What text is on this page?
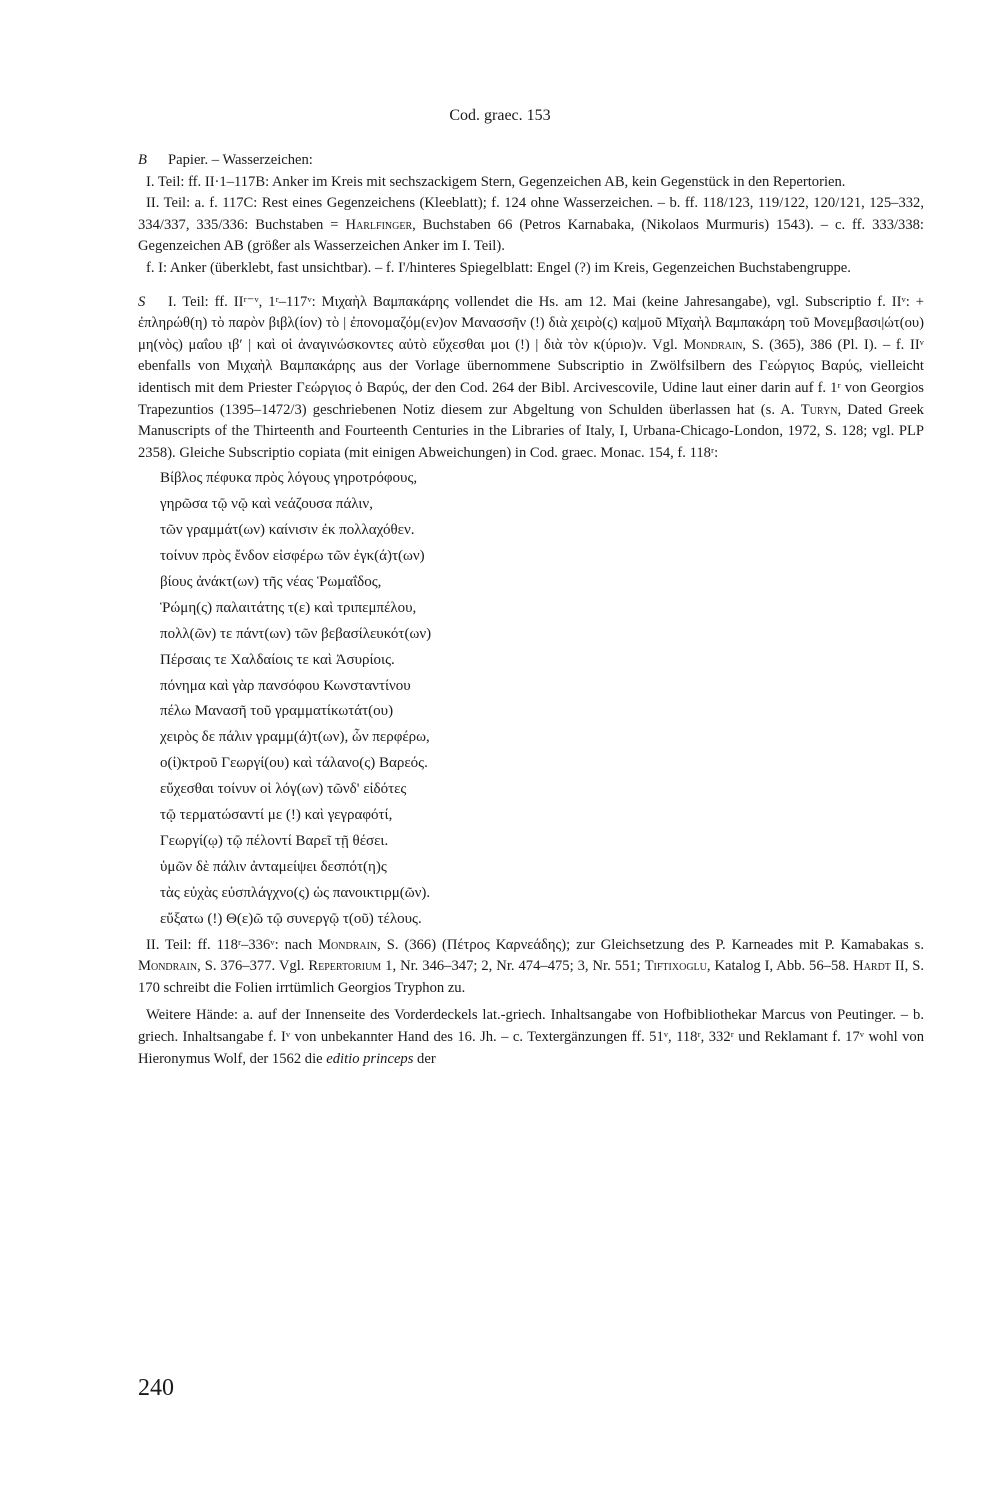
Cod. graec. 153

B Papier. – Wasserzeichen:

I. Teil: ff. II·1–117B: Anker im Kreis mit sechszackigem Stern, Gegenzeichen AB, kein Gegenstück in den Repertorien.

II. Teil: a. f. 117C: Rest eines Gegenzeichens (Kleeblatt); f. 124 ohne Wasserzeichen. – b. ff. 118/123, 119/122, 120/121, 125–332, 334/337, 335/336: Buchstaben = Harlfinger, Buchstaben 66 (Petros Karnabaka, (Nikolaos Murmuris) 1543). – c. ff. 333/338: Gegenzeichen AB (größer als Wasserzeichen Anker im I. Teil).

f. I: Anker (überklebt, fast unsichtbar). – f. I'/hinteres Spiegelblatt: Engel (?) im Kreis, Gegenzeichen Buchstabengruppe.

S I. Teil: ff. IIʳ⁻ᵛ, 1ʳ–117ᵛ: Μιχαὴλ Βαμπακάρης vollendet die Hs. am 12. Mai (keine Jahresangabe), vgl. Subscriptio f. IIᵛ: + ἐπληρώθ(η) τὸ παρὸν βιβλ(ίον) τὸ | ἐπονομαζόμ(εν)ον Μανασσῆν (!) διὰ χειρὸ(ς) κα|μοῦ Μῖχαὴλ Βαμπακάρη τοῦ Μονεμβασι|ώτ(ου) μη(νὸς) μαΐου ιβʹ | καὶ οἱ ἀναγινώσκοντες αὐτὸ εὔχεσθαι μοι (!) | διὰ τὸν κ(ύριο)ν. Vgl. Mondrain, S. (365), 386 (Pl. I). – f. IIᵛ ebenfalls von Μιχαὴλ Βαμπακάρης aus der Vorlage übernommene Subscriptio in Zwölfsilbern des Γεώργιος Βαρύς, vielleicht identisch mit dem Priester Γεώργιος ὁ Βαρύς, der den Cod. 264 der Bibl. Arcivescovile, Udine laut einer darin auf f. 1ʳ von Georgios Trapezuntios (1395–1472/3) geschriebenen Notiz diesem zur Abgeltung von Schulden überlassen hat (s. A. Turyn, Dated Greek Manuscripts of the Thirteenth and Fourteenth Centuries in the Libraries of Italy, I, Urbana-Chicago-London, 1972, S. 128; vgl. PLP 2358). Gleiche Subscriptio copiata (mit einigen Abweichungen) in Cod. graec. Monac. 154, f. 118ʳ:

Βίβλος πέφυκα πρὸς λόγους γηροτρόφους,
γηρῶσα τῷ νῷ καὶ νεάζουσα πάλιν,
τῶν γραμμάτ(ων) καίνισιν ἐκ πολλαχόθεν.
τοίνυν πρὸς ἔνδον εἰσφέρω τῶν ἐγκ(ά)τ(ων)
βίους ἀνάκτ(ων) τῆς νέας Ῥωμαΐδος,
Ῥώμη(ς) παλαιτάτης τ(ε) καὶ τριπεμπέλου,
πολλ(ῶν) τε πάντ(ων) τῶν βεβασίλευκότ(ων)
Πέρσαις τε Χαλδαίοις τε καὶ Ἀσυρίοις.
πόνημα καὶ γὰρ πανσόφου Κωνσταντίνου
πέλω Μανασῆ τοῦ γραμματίκωτάτ(ου)
χειρὸς δε πάλιν γραμμ(ά)τ(ων), ὧν περφέρω,
ο(ἰ)κτροῦ Γεωργί(ου) καὶ τάλανο(ς) Βαρεός.
εὔχεσθαι τοίνυν οἱ λόγ(ων) τῶνδ' εἰδότες
τῷ τερματώσαντί με (!) καὶ γεγραφότί,
Γεωργί(ῳ) τῷ πέλοντί Βαρεῖ τῇ θέσει.
ὑμῶν δὲ πάλιν ἀνταμείψει δεσπότ(η)ς
τὰς εὐχὰς εὐσπλάγχνο(ς) ὡς πανοικτιρμ(ῶν).
εὔξατω (!) Θ(ε)ῶ τῷ συνεργῷ τ(οῦ) τέλους.

II. Teil: ff. 118ʳ–336ᵛ: nach Mondrain, S. (366) (Πέτρος Καρνεάδης); zur Gleichsetzung des P. Karneades mit P. Kamabakas s. Mondrain, S. 376–377. Vgl. Repertorium 1, Nr. 346–347; 2, Nr. 474–475; 3, Nr. 551; Tiftixoglu, Katalog I, Abb. 56–58. Hardt II, S. 170 schreibt die Folien irrtümlich Georgios Tryphon zu.

Weitere Hände: a. auf der Innenseite des Vorderdeckels lat.-griech. Inhaltsangabe von Hofbibliothekar Marcus von Peutinger. – b. griech. Inhaltsangabe f. Iᵛ von unbekannter Hand des 16. Jh. – c. Textergänzungen ff. 51ᵛ, 118ʳ, 332ʳ und Reklamant f. 17ᵛ wohl von Hieronymus Wolf, der 1562 die editio princeps der

240
